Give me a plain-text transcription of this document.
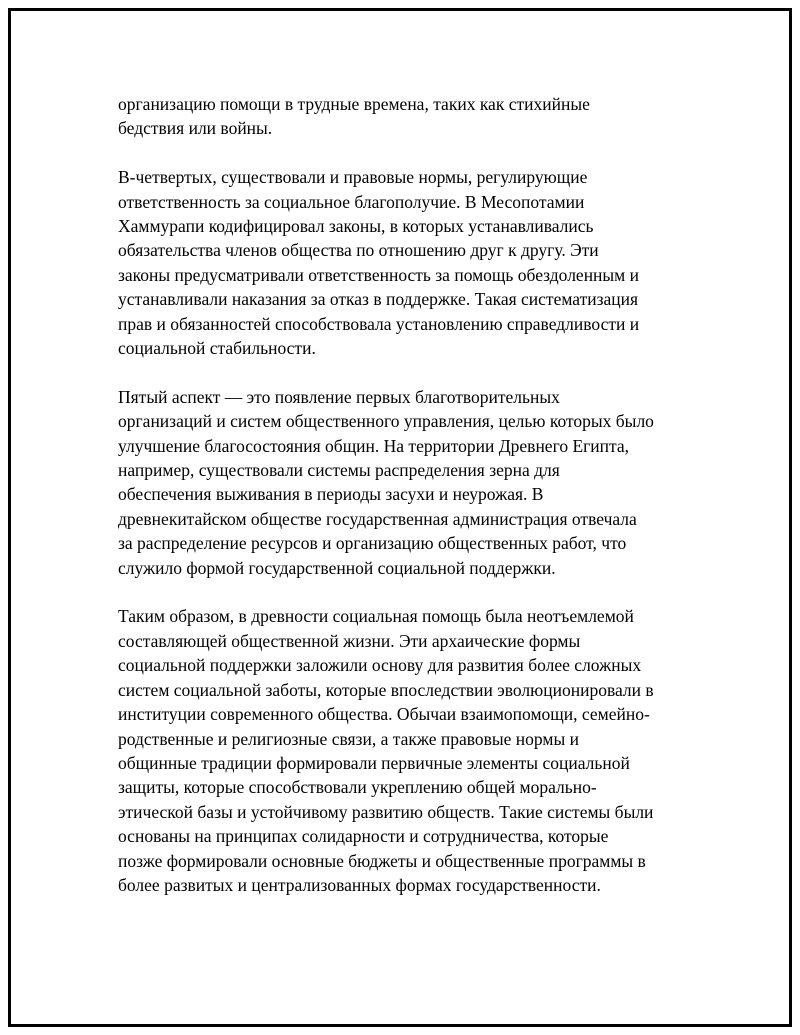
организацию помощи в трудные времена, таких как стихийные
бедствия или войны.

В-четвертых, существовали и правовые нормы, регулирующие
ответственность за социальное благополучие. В Месопотамии
Хаммурапи кодифицировал законы, в которых устанавливались
обязательства членов общества по отношению друг к другу. Эти
законы предусматривали ответственность за помощь обездоленным и
устанавливали наказания за отказ в поддержке. Такая систематизация
прав и обязанностей способствовала установлению справедливости и
социальной стабильности.

Пятый аспект — это появление первых благотворительных
организаций и систем общественного управления, целью которых было
улучшение благосостояния общин. На территории Древнего Египта,
например, существовали системы распределения зерна для
обеспечения выживания в периоды засухи и неурожая. В
древнекитайском обществе государственная администрация отвечала
за распределение ресурсов и организацию общественных работ, что
служило формой государственной социальной поддержки.

Таким образом, в древности социальная помощь была неотъемлемой
составляющей общественной жизни. Эти архаические формы
социальной поддержки заложили основу для развития более сложных
систем социальной заботы, которые впоследствии эволюционировали в
институции современного общества. Обычаи взаимопомощи, семейно-
родственные и религиозные связи, а также правовые нормы и
общинные традиции формировали первичные элементы социальной
защиты, которые способствовали укреплению общей морально-
этической базы и устойчивому развитию обществ. Такие системы были
основаны на принципах солидарности и сотрудничества, которые
позже формировали основные бюджеты и общественные программы в
более развитых и централизованных формах государственности.
